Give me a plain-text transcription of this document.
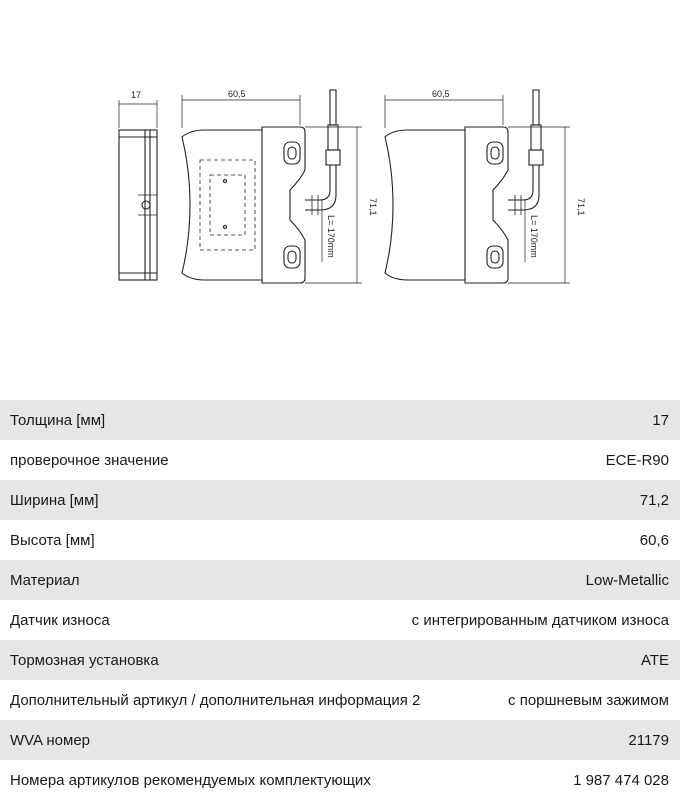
17	60,5
71,1
L= 170mm
60,5
71,1
L= 170mm
Толщина [мм]	17
проверочное значение	ECE-R90
Ширина [мм]	71,2
Высота [мм]	60,6
Материал	Low-Metallic
Датчик износа	с интегрированным датчиком износа
Тормозная установка	ATE
Дополнительный артикул / дополнительная информация 2	с поршневым зажимом
WVA номер	21179
Номера артикулов рекомендуемых комплектующих	1 987 474 028
